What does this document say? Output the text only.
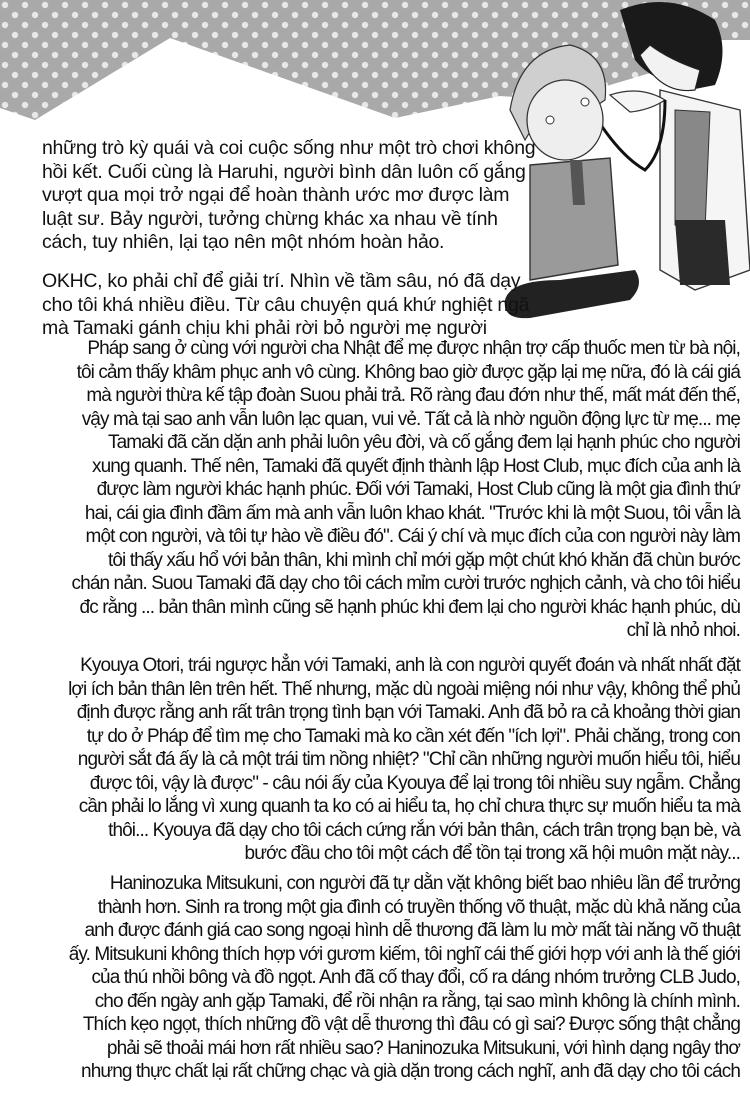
những trò kỳ quái và coi cuộc sống như một trò chơi không
hồi kết. Cuối cùng là Haruhi, người bình dân luôn cố gắng
vượt qua mọi trở ngại để hoàn thành ước mơ được làm
luật sư. Bảy người, tưởng chừng khác xa nhau về tính
cách, tuy nhiên, lại tạo nên một nhóm hoàn hảo.
OKHC, ko phải chỉ để giải trí. Nhìn về tầm sâu, nó đã dạy
cho tôi khá nhiều điều. Từ câu chuyện quá khứ nghiệt ngã
mà Tamaki gánh chịu khi phải rời bỏ người mẹ người
Pháp sang ở cùng với người cha Nhật để mẹ được nhận trợ cấp thuốc men từ bà nội,
tôi cảm thấy khâm phục anh vô cùng. Không bao giờ được gặp lại mẹ nữa, đó là cái giá
mà người thừa kế tập đoàn Suou phải trả. Rõ ràng đau đớn như thế, mất mát đến thế,
vậy mà tại sao anh vẫn luôn lạc quan, vui vẻ. Tất cả là nhờ nguồn động lực từ mẹ... mẹ
Tamaki đã căn dặn anh phải luôn yêu đời, và cố gắng đem lại hạnh phúc cho người
xung quanh. Thế nên, Tamaki đã quyết định thành lập Host Club, mục đích của anh là
được làm người khác hạnh phúc. Đối với Tamaki, Host Club cũng là một gia đình thứ
hai, cái gia đình đầm ấm mà anh vẫn luôn khao khát. "Trước khi là một Suou, tôi vẫn là
một con người, và tôi tự hào về điều đó". Cái ý chí và mục đích của con người này làm
tôi thấy xấu hổ với bản thân, khi mình chỉ mới gặp một chút khó khăn đã chùn bước
chán nản. Suou Tamaki đã dạy cho tôi cách mỉm cười trước nghịch cảnh, và cho tôi hiểu
đc rằng ... bản thân mình cũng sẽ hạnh phúc khi đem lại cho người khác hạnh phúc, dù
chỉ là nhỏ nhoi.
Kyouya Otori, trái ngược hẳn với Tamaki, anh là con người quyết đoán và nhất nhất đặt
lợi ích bản thân lên trên hết. Thế nhưng, mặc dù ngoài miệng nói như vậy, không thể phủ
định được rằng anh rất trân trọng tình bạn với Tamaki. Anh đã bỏ ra cả khoảng thời gian
tự do ở Pháp để tìm mẹ cho Tamaki mà ko cần xét đến "ích lợi". Phải chăng, trong con
người sắt đá ấy là cả một trái tim nồng nhiệt? "Chỉ cần những người muốn hiểu tôi, hiểu
được tôi, vậy là được" - câu nói ấy của Kyouya để lại trong tôi nhiều suy ngẫm. Chẳng
cần phải lo lắng vì xung quanh ta ko có ai hiểu ta, họ chỉ chưa thực sự muốn hiểu ta mà
thôi... Kyouya đã dạy cho tôi cách cứng rắn với bản thân, cách trân trọng bạn bè, và
bước đầu cho tôi một cách để tồn tại trong xã hội muôn mặt này...
Haninozuka Mitsukuni, con người đã tự dằn vặt không biết bao nhiêu lần để trưởng
thành hơn. Sinh ra trong một gia đình có truyền thống võ thuật, mặc dù khả năng của
anh được đánh giá cao song ngoại hình dễ thương đã làm lu mờ mất tài năng võ thuật
ấy. Mitsukuni không thích hợp với gươm kiếm, tôi nghĩ cái thế giới hợp với anh là thế giới
của thú nhồi bông và đồ ngọt. Anh đã cố thay đổi, cố ra dáng nhóm trưởng CLB Judo,
cho đến ngày anh gặp Tamaki, để rồi nhận ra rằng, tại sao mình không là chính mình.
Thích kẹo ngọt, thích những đồ vật dễ thương thì đâu có gì sai? Được sống thật chẳng
phải sẽ thoải mái hơn rất nhiều sao? Haninozuka Mitsukuni, với hình dạng ngây thơ
nhưng thực chất lại rất chững chạc và già dặn trong cách nghĩ, anh đã dạy cho tôi cách
